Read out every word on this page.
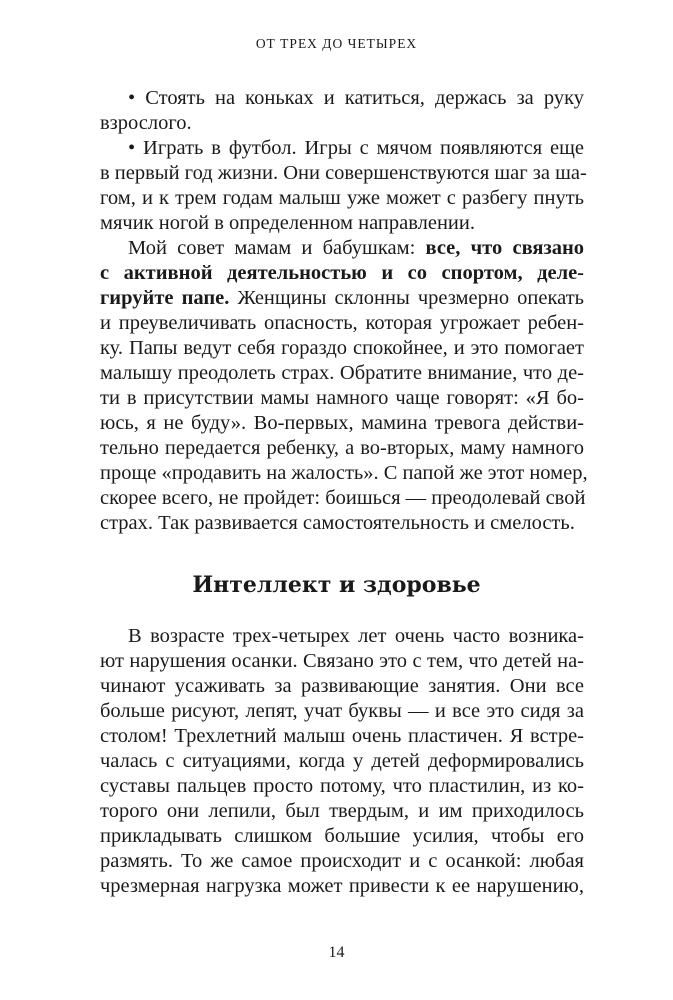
ОТ ТРЕХ ДО ЧЕТЫРЕХ
• Стоять на коньках и катиться, держась за руку
взрослого.
• Играть в футбол. Игры с мячом появляются еще
в первый год жизни. Они совершенствуются шаг за ша-
гом, и к трем годам малыш уже может с разбегу пнуть
мячик ногой в определенном направлении.
Мой совет мамам и бабушкам: все, что связано
с активной деятельностью и со спортом, деле-
гируйте папе. Женщины склонны чрезмерно опекать
и преувеличивать опасность, которая угрожает ребен-
ку. Папы ведут себя гораздо спокойнее, и это помогает
малышу преодолеть страх. Обратите внимание, что де-
ти в присутствии мамы намного чаще говорят: «Я бо-
юсь, я не буду». Во-первых, мамина тревога действи-
тельно передается ребенку, а во-вторых, маму намного
проще «продавить на жалость». С папой же этот номер,
скорее всего, не пройдет: боишься — преодолевай свой
страх. Так развивается самостоятельность и смелость.
Интеллект и здоровье
В возрасте трех-четырех лет очень часто возника-
ют нарушения осанки. Связано это с тем, что детей на-
чинают усаживать за развивающие занятия. Они все
больше рисуют, лепят, учат буквы — и все это сидя за
столом! Трехлетний малыш очень пластичен. Я встре-
чалась с ситуациями, когда у детей деформировались
суставы пальцев просто потому, что пластилин, из ко-
торого они лепили, был твердым, и им приходилось
прикладывать слишком большие усилия, чтобы его
размять. То же самое происходит и с осанкой: любая
чрезмерная нагрузка может привести к ее нарушению,
14
